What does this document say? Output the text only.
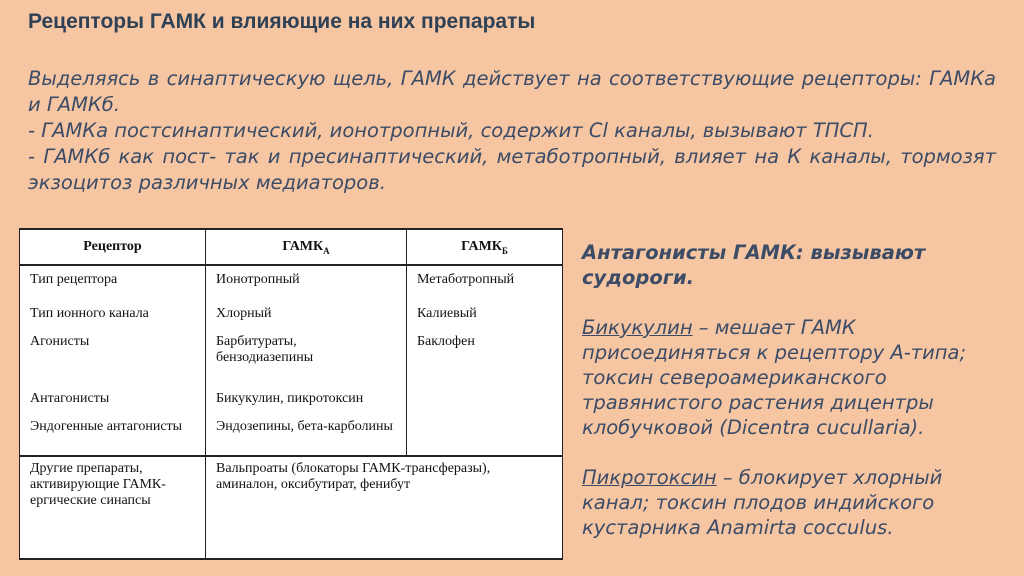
Рецепторы ГАМК и влияющие на них препараты

Выделяясь в синаптическую щель, ГАМК действует на соответствующие рецепторы: ГАМКа и ГАМКб.

- ГАМКа постсинаптический, ионотропный, содержит Cl каналы, вызывают ТПСП.

- ГАМКб как пост- так и пресинаптический, метаботропный, влияет на К каналы, тормозят экзоцитоз различных медиаторов.

Рецептор	$ГАМК_А$	$ГАМК_Б$
Тип рецептора	Ионотропный	Метаботропный
Тип ионного канала	Хлорный	Калиевый
Агонисты	Барбитураты, бензодиазепины	Баклофен
Антагонисты	Бикукулин, пикротоксин	
Эндогенные антагонисты	Эндозепины, бета-карболины	
Другие препараты, активирующие ГАМК-ергические синапсы	Вальпроаты (блокаторы ГАМК-трансферазы), аминалон, оксибутират, фенибут	

Антагонисты ГАМК: вызывают судороги.

Бикукулин – мешает ГАМК присоединяться к рецептору А-типа; токсин североамериканского травянистого растения дицентры клобучковой (Dicentra cucullaria).

Пикротоксин – блокирует хлорный канал; токсин плодов индийского кустарника Anamirta cocculus.
